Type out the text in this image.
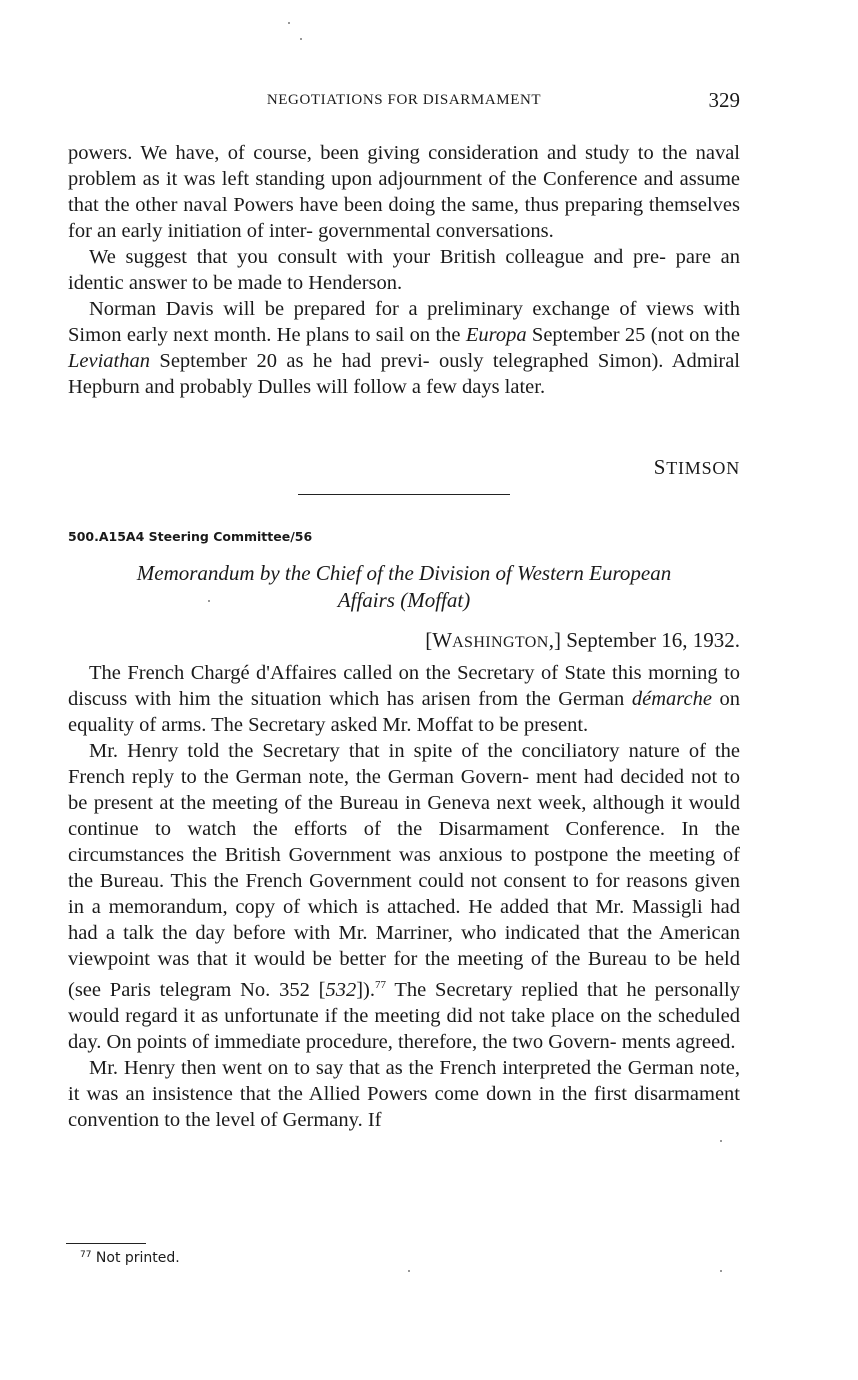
NEGOTIATIONS FOR DISARMAMENT	329

powers. We have, of course, been giving consideration and study to the naval problem as it was left standing upon adjournment of the Conference and assume that the other naval Powers have been doing the same, thus preparing themselves for an early initiation of inter- governmental conversations.

We suggest that you consult with your British colleague and pre- pare an identic answer to be made to Henderson.

Norman Davis will be prepared for a preliminary exchange of views with Simon early next month. He plans to sail on the Europa September 25 (not on the Leviathan September 20 as he had previ- ously telegraphed Simon). Admiral Hepburn and probably Dulles will follow a few days later.

STIMSON
500.A15A4 Steering Committee/56
Memorandum by the Chief of the Division of Western European
Affairs (Moffat)
[WASHINGTON,] September 16, 1932.

The French Chargé d'Affaires called on the Secretary of State this morning to discuss with him the situation which has arisen from the German démarche on equality of arms. The Secretary asked Mr. Moffat to be present.

Mr. Henry told the Secretary that in spite of the conciliatory nature of the French reply to the German note, the German Govern- ment had decided not to be present at the meeting of the Bureau in Geneva next week, although it would continue to watch the efforts of the Disarmament Conference. In the circumstances the British Government was anxious to postpone the meeting of the Bureau. This the French Government could not consent to for reasons given in a memorandum, copy of which is attached. He added that Mr. Massigli had had a talk the day before with Mr. Marriner, who indicated that the American viewpoint was that it would be better for the meeting of the Bureau to be held (see Paris telegram No. 352 [532]).$^{77}$ The Secretary replied that he personally would regard it as unfortunate if the meeting did not take place on the scheduled day. On points of immediate procedure, therefore, the two Govern- ments agreed.

Mr. Henry then went on to say that as the French interpreted the German note, it was an insistence that the Allied Powers come down in the first disarmament convention to the level of Germany. If

$^{77}$ Not printed.
